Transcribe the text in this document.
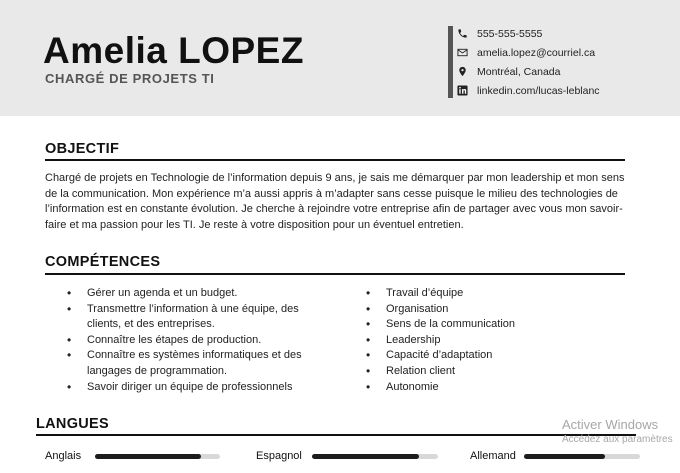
Amelia LOPEZ
CHARGÉ DE PROJETS TI
555-555-5555
amelia.lopez@courriel.ca
Montréal, Canada
linkedin.com/lucas-leblanc
OBJECTIF
Chargé de projets en Technologie de l’information depuis 9 ans, je sais me démarquer par mon leadership et mon sens de la communication. Mon expérience m’a aussi appris à m’adapter sans cesse puisque le milieu des technologies de l’information est en constante évolution. Je cherche à rejoindre votre entreprise afin de partager avec vous mon savoir-faire et ma passion pour les TI. Je reste à votre disposition pour un éventuel entretien.
COMPÉTENCES
• Gérer un agenda et un budget.
• Transmettre l’information à une équipe, des clients, et des entreprises.
• Connaître les étapes de production.
• Connaître es systèmes informatiques et des langages de programmation.
• Savoir diriger un équipe de professionnels
• Travail d’équipe
• Organisation
• Sens de la communication
• Leadership
• Capacité d’adaptation
• Relation client
• Autonomie
LANGUES
Anglais	Espagnol	Allemand
Activer Windows
Accédez aux paramètres
